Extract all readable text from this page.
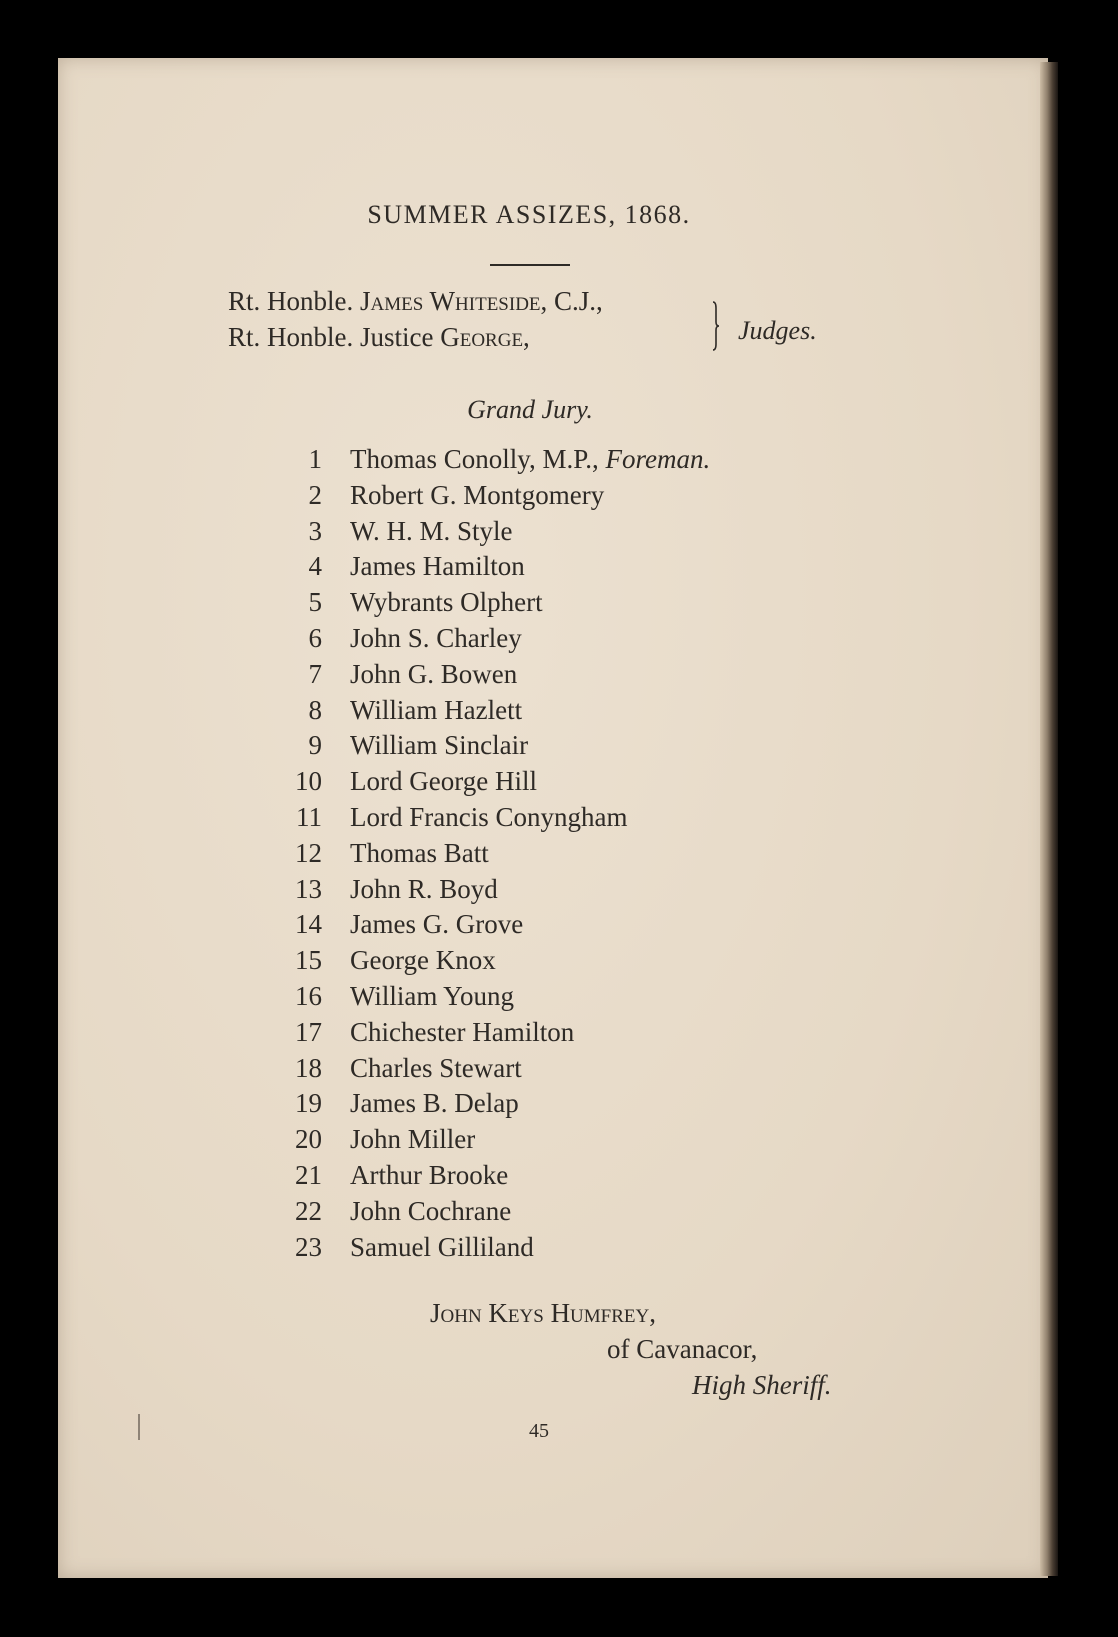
SUMMER ASSIZES, 1868.
Rt. Honble. James Whiteside, C.J.,
Rt. Honble. Justice George,	Judges.
Grand Jury.
1 Thomas Conolly, M.P., Foreman.
2 Robert G. Montgomery
3 W. H. M. Style
4 James Hamilton
5 Wybrants Olphert
6 John S. Charley
7 John G. Bowen
8 William Hazlett
9 William Sinclair
10 Lord George Hill
11 Lord Francis Conyngham
12 Thomas Batt
13 John R. Boyd
14 James G. Grove
15 George Knox
16 William Young
17 Chichester Hamilton
18 Charles Stewart
19 James B. Delap
20 John Miller
21 Arthur Brooke
22 John Cochrane
23 Samuel Gilliland
John Keys Humfrey,
of Cavanacor,
High Sheriff.
45
